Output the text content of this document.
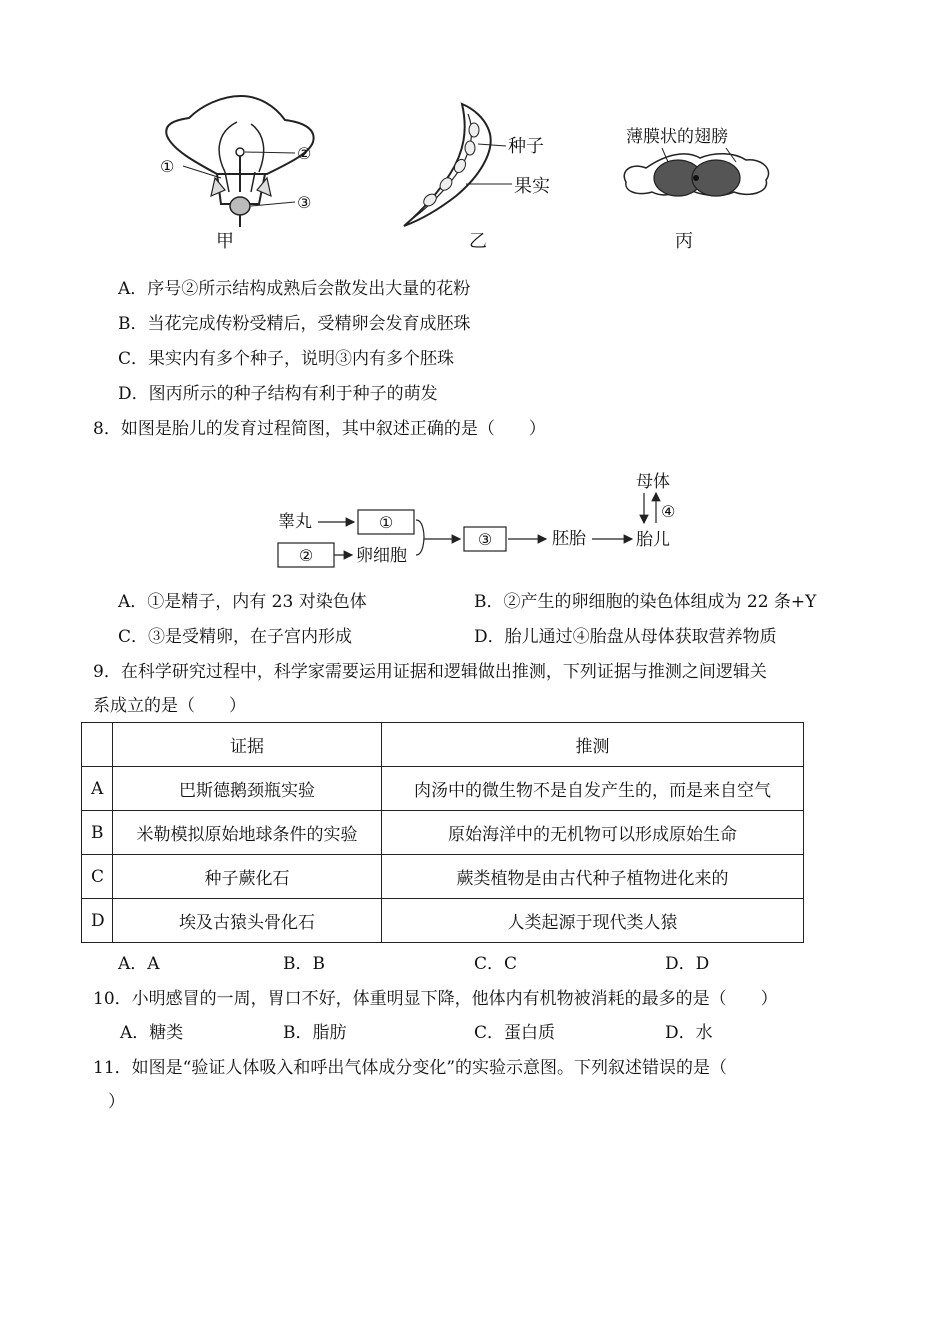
①
②
③
甲
种子
果实
乙
薄膜状的翅膀
丙
A．序号②所示结构成熟后会散发出大量的花粉
B．当花完成传粉受精后，受精卵会发育成胚珠
C．果实内有多个种子，说明③内有多个胚珠
D．图丙所示的种子结构有利于种子的萌发
8．如图是胎儿的发育过程简图，其中叙述正确的是（　　）
睾丸	①
②	卵细胞
③	胚胎	胎儿
母体
④
A．①是精子，内有 23 对染色体	B．②产生的卵细胞的染色体组成为 22 条+Y
C．③是受精卵，在子宫内形成	D．胎儿通过④胎盘从母体获取营养物质
9．在科学研究过程中，科学家需要运用证据和逻辑做出推测，下列证据与推测之间逻辑关
系成立的是（　　）
	证据	推测
A	巴斯德鹅颈瓶实验	肉汤中的微生物不是自发产生的，而是来自空气
B	米勒模拟原始地球条件的实验	原始海洋中的无机物可以形成原始生命
C	种子蕨化石	蕨类植物是由古代种子植物进化来的
D	埃及古猿头骨化石	人类起源于现代类人猿
A．A	B．B	C．C	D．D
10．小明感冒的一周，胃口不好，体重明显下降，他体内有机物被消耗的最多的是（　　）
A．糖类	B．脂肪	C．蛋白质	D．水
11．如图是“验证人体吸入和呼出气体成分变化”的实验示意图。下列叙述错误的是（
）
